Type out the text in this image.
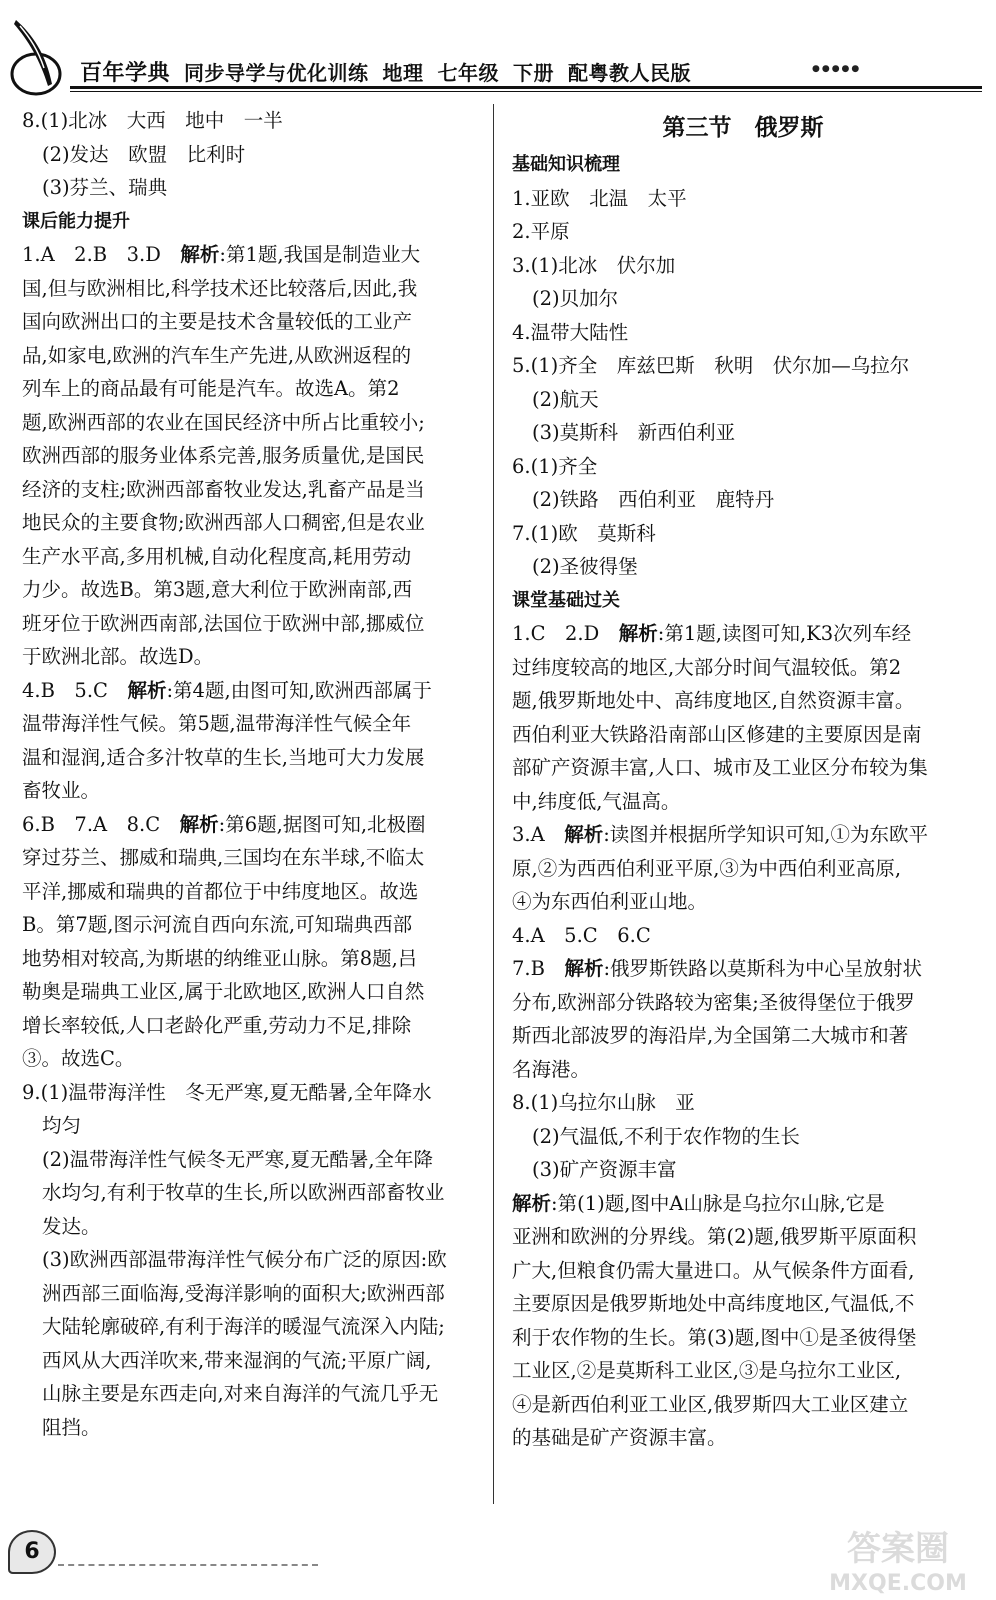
百年学典 同步导学与优化训练 地理 七年级 下册 配粤教人民版	●●●●●
8.(1)北冰　大西　地中　一半
(2)发达　欧盟　比利时
(3)芬兰、瑞典
课后能力提升
1.A　2.B　3.D　解析:第1题,我国是制造业大
国,但与欧洲相比,科学技术还比较落后,因此,我
国向欧洲出口的主要是技术含量较低的工业产
品,如家电,欧洲的汽车生产先进,从欧洲返程的
列车上的商品最有可能是汽车。故选A。第2
题,欧洲西部的农业在国民经济中所占比重较小;
欧洲西部的服务业体系完善,服务质量优,是国民
经济的支柱;欧洲西部畜牧业发达,乳畜产品是当
地民众的主要食物;欧洲西部人口稠密,但是农业
生产水平高,多用机械,自动化程度高,耗用劳动
力少。故选B。第3题,意大利位于欧洲南部,西
班牙位于欧洲西南部,法国位于欧洲中部,挪威位
于欧洲北部。故选D。
4.B　5.C　解析:第4题,由图可知,欧洲西部属于
温带海洋性气候。第5题,温带海洋性气候全年
温和湿润,适合多汁牧草的生长,当地可大力发展
畜牧业。
6.B　7.A　8.C　解析:第6题,据图可知,北极圈
穿过芬兰、挪威和瑞典,三国均在东半球,不临太
平洋,挪威和瑞典的首都位于中纬度地区。故选
B。第7题,图示河流自西向东流,可知瑞典西部
地势相对较高,为斯堪的纳维亚山脉。第8题,吕
勒奥是瑞典工业区,属于北欧地区,欧洲人口自然
增长率较低,人口老龄化严重,劳动力不足,排除
③。故选C。
9.(1)温带海洋性　冬无严寒,夏无酷暑,全年降水
均匀
(2)温带海洋性气候冬无严寒,夏无酷暑,全年降
水均匀,有利于牧草的生长,所以欧洲西部畜牧业
发达。
(3)欧洲西部温带海洋性气候分布广泛的原因:欧
洲西部三面临海,受海洋影响的面积大;欧洲西部
大陆轮廓破碎,有利于海洋的暖湿气流深入内陆;
西风从大西洋吹来,带来湿润的气流;平原广阔,
山脉主要是东西走向,对来自海洋的气流几乎无
阻挡。
第三节　俄罗斯
基础知识梳理
1.亚欧　北温　太平
2.平原
3.(1)北冰　伏尔加
(2)贝加尔
4.温带大陆性
5.(1)齐全　库兹巴斯　秋明　伏尔加—乌拉尔
(2)航天
(3)莫斯科　新西伯利亚
6.(1)齐全
(2)铁路　西伯利亚　鹿特丹
7.(1)欧　莫斯科
(2)圣彼得堡
课堂基础过关
1.C　2.D　解析:第1题,读图可知,K3次列车经
过纬度较高的地区,大部分时间气温较低。第2
题,俄罗斯地处中、高纬度地区,自然资源丰富。
西伯利亚大铁路沿南部山区修建的主要原因是南
部矿产资源丰富,人口、城市及工业区分布较为集
中,纬度低,气温高。
3.A　解析:读图并根据所学知识可知,①为东欧平
原,②为西西伯利亚平原,③为中西伯利亚高原,
④为东西伯利亚山地。
4.A　5.C　6.C
7.B　解析:俄罗斯铁路以莫斯科为中心呈放射状
分布,欧洲部分铁路较为密集;圣彼得堡位于俄罗
斯西北部波罗的海沿岸,为全国第二大城市和著
名海港。
8.(1)乌拉尔山脉　亚
(2)气温低,不利于农作物的生长
(3)矿产资源丰富
解析:第(1)题,图中A山脉是乌拉尔山脉,它是
亚洲和欧洲的分界线。第(2)题,俄罗斯平原面积
广大,但粮食仍需大量进口。从气候条件方面看,
主要原因是俄罗斯地处中高纬度地区,气温低,不
利于农作物的生长。第(3)题,图中①是圣彼得堡
工业区,②是莫斯科工业区,③是乌拉尔工业区,
④是新西伯利亚工业区,俄罗斯四大工业区建立
的基础是矿产资源丰富。
6	答案圈
MXQE.COM
